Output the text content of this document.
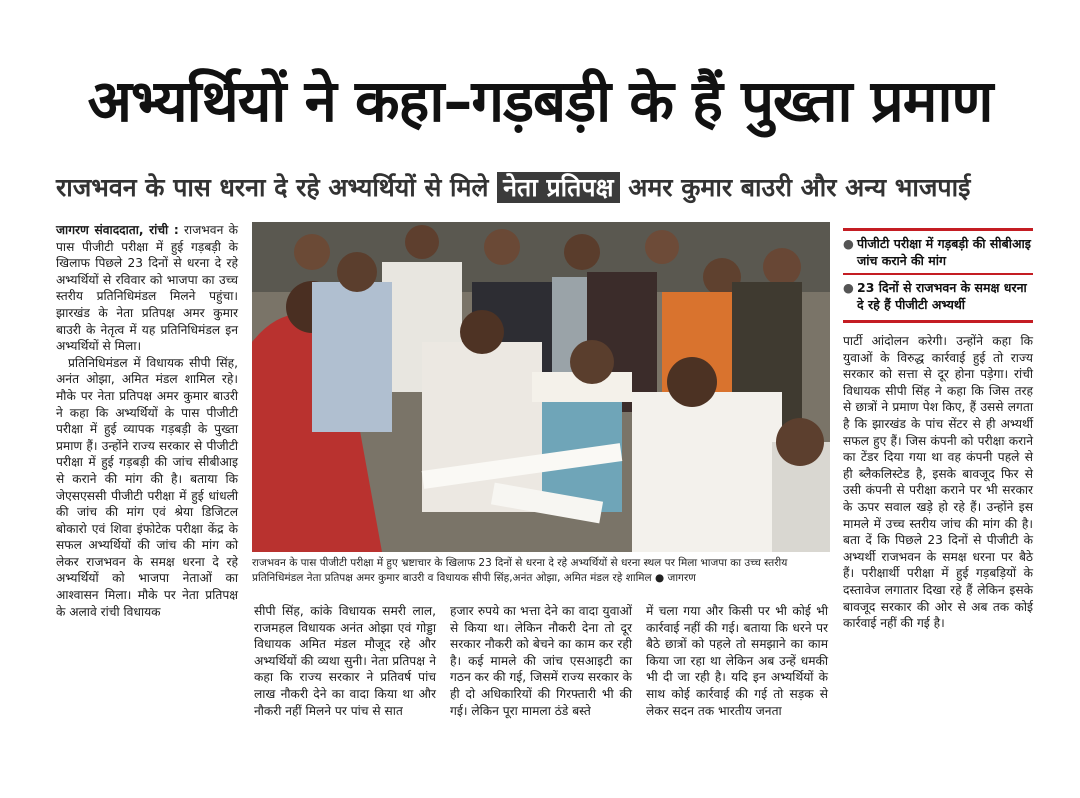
अभ्यर्थियों ने कहा–गड़बड़ी के हैं पुख्ता प्रमाण
राजभवन के पास धरना दे रहे अभ्यर्थियों से मिले नेता प्रतिपक्ष अमर कुमार बाउरी और अन्य भाजपाई

जागरण संवाददाता, रांची : राजभवन के पास पीजीटी परीक्षा में हुई गड़बड़ी के खिलाफ पिछले 23 दिनों से धरना दे रहे अभ्यर्थियों से रविवार को भाजपा का उच्च स्तरीय प्रतिनिधिमंडल मिलने पहुंचा। झारखंड के नेता प्रतिपक्ष अमर कुमार बाउरी के नेतृत्व में यह प्रतिनिधिमंडल इन अभ्यर्थियों से मिला।

प्रतिनिधिमंडल में विधायक सीपी सिंह, अनंत ओझा, अमित मंडल शामिल रहे। मौके पर नेता प्रतिपक्ष अमर कुमार बाउरी ने कहा कि अभ्यर्थियों के पास पीजीटी परीक्षा में हुई व्यापक गड़बड़ी के पुख्ता प्रमाण हैं। उन्होंने राज्य सरकार से पीजीटी परीक्षा में हुई गड़बड़ी की जांच सीबीआइ से कराने की मांग की है। बताया कि जेएसएससी पीजीटी परीक्षा में हुई धांधली की जांच की मांग एवं श्रेया डिजिटल बोकारो एवं शिवा इंफोटेक परीक्षा केंद्र के सफल अभ्यर्थियों की जांच की मांग को लेकर राजभवन के समक्ष धरना दे रहे अभ्यर्थियों को भाजपा नेताओं का आश्वासन मिला। मौके पर नेता प्रतिपक्ष के अलावे रांची विधायक

राजभवन के पास पीजीटी परीक्षा में हुए भ्रष्टाचार के खिलाफ 23 दिनों से धरना दे रहे अभ्यर्थियों से धरना स्थल पर मिला भाजपा का उच्च स्तरीय प्रतिनिधिमंडल नेता प्रतिपक्ष अमर कुमार बाउरी व विधायक सीपी सिंह,अनंत ओझा, अमित मंडल रहे शामिल ● जागरण

सीपी सिंह, कांके विधायक समरी लाल, राजमहल विधायक अनंत ओझा एवं गोड्डा विधायक अमित मंडल मौजूद रहे और अभ्यर्थियों की व्यथा सुनी। नेता प्रतिपक्ष ने कहा कि राज्य सरकार ने प्रतिवर्ष पांच लाख नौकरी देने का वादा किया था और नौकरी नहीं मिलने पर पांच से सात

हजार रुपये का भत्ता देने का वादा युवाओं से किया था। लेकिन नौकरी देना तो दूर सरकार नौकरी को बेचने का काम कर रही है। कई मामले की जांच एसआइटी का गठन कर की गई, जिसमें राज्य सरकार के ही दो अधिकारियों की गिरफ्तारी भी की गई। लेकिन पूरा मामला ठंडे बस्ते

में चला गया और किसी पर भी कोई भी कार्रवाई नहीं की गई। बताया कि धरने पर बैठे छात्रों को पहले तो समझाने का काम किया जा रहा था लेकिन अब उन्हें धमकी भी दी जा रही है। यदि इन अभ्यर्थियों के साथ कोई कार्रवाई की गई तो सड़क से लेकर सदन तक भारतीय जनता

● पीजीटी परीक्षा में गड़बड़ी की सीबीआइ जांच कराने की मांग
● 23 दिनों से राजभवन के समक्ष धरना दे रहे हैं पीजीटी अभ्यर्थी

पार्टी आंदोलन करेगी। उन्होंने कहा कि युवाओं के विरुद्ध कार्रवाई हुई तो राज्य सरकार को सत्ता से दूर होना पड़ेगा। रांची विधायक सीपी सिंह ने कहा कि जिस तरह से छात्रों ने प्रमाण पेश किए, हैं उससे लगता है कि झारखंड के पांच सेंटर से ही अभ्यर्थी सफल हुए हैं। जिस कंपनी को परीक्षा कराने का टेंडर दिया गया था वह कंपनी पहले से ही ब्लैकलिस्टेड है, इसके बावजूद फिर से उसी कंपनी से परीक्षा कराने पर भी सरकार के ऊपर सवाल खड़े हो रहे हैं। उन्होंने इस मामले में उच्च स्तरीय जांच की मांग की है। बता दें कि पिछले 23 दिनों से पीजीटी के अभ्यर्थी राजभवन के समक्ष धरना पर बैठे हैं। परीक्षार्थी परीक्षा में हुई गड़बड़ियों के दस्तावेज लगातार दिखा रहे हैं लेकिन इसके बावजूद सरकार की ओर से अब तक कोई कार्रवाई नहीं की गई है।
